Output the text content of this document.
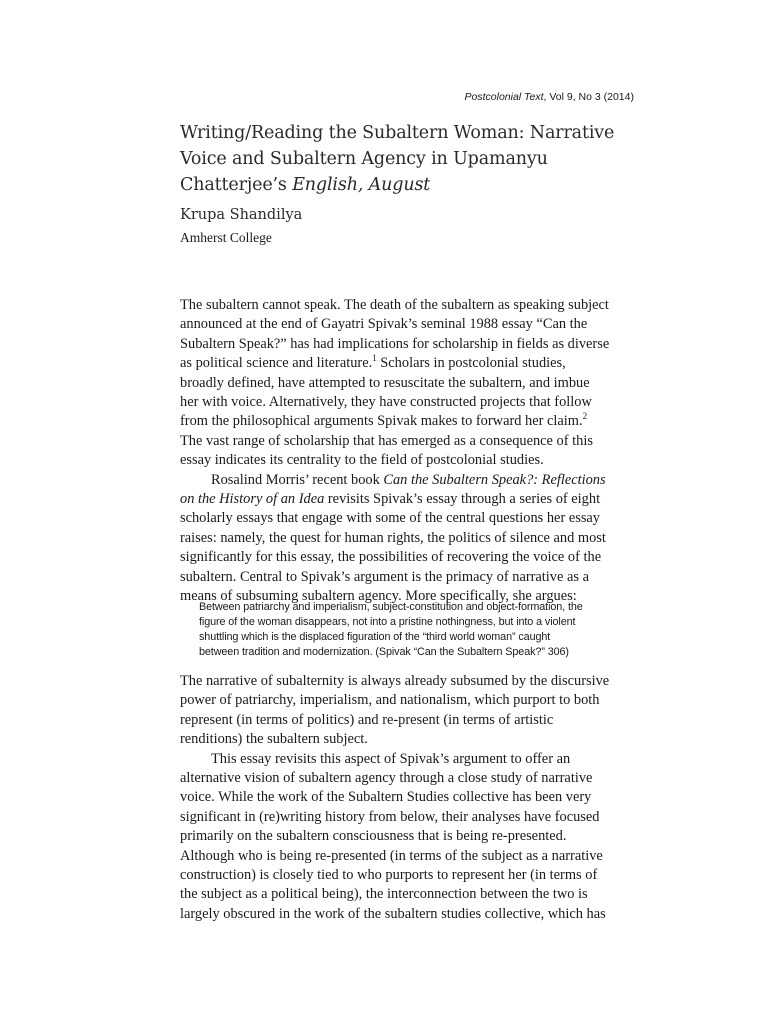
Postcolonial Text, Vol 9, No 3 (2014)
Writing/Reading the Subaltern Woman: Narrative Voice and Subaltern Agency in Upamanyu Chatterjee’s English, August
Krupa Shandilya
Amherst College

The subaltern cannot speak. The death of the subaltern as speaking subject
announced at the end of Gayatri Spivak’s seminal 1988 essay “Can the
Subaltern Speak?” has had implications for scholarship in fields as diverse
as political science and literature.$^1$ Scholars in postcolonial studies,
broadly defined, have attempted to resuscitate the subaltern, and imbue
her with voice. Alternatively, they have constructed projects that follow
from the philosophical arguments Spivak makes to forward her claim.$^2$
The vast range of scholarship that has emerged as a consequence of this
essay indicates its centrality to the field of postcolonial studies.

Rosalind Morris’ recent book Can the Subaltern Speak?: Reflections
on the History of an Idea revisits Spivak’s essay through a series of eight
scholarly essays that engage with some of the central questions her essay
raises: namely, the quest for human rights, the politics of silence and most
significantly for this essay, the possibilities of recovering the voice of the
subaltern. Central to Spivak’s argument is the primacy of narrative as a
means of subsuming subaltern agency. More specifically, she argues:

Between patriarchy and imperialism, subject-constitution and object-formation, the
figure of the woman disappears, not into a pristine nothingness, but into a violent
shuttling which is the displaced figuration of the “third world woman” caught
between tradition and modernization. (Spivak “Can the Subaltern Speak?” 306)

The narrative of subalternity is always already subsumed by the discursive
power of patriarchy, imperialism, and nationalism, which purport to both
represent (in terms of politics) and re-present (in terms of artistic
renditions) the subaltern subject.

This essay revisits this aspect of Spivak’s argument to offer an
alternative vision of subaltern agency through a close study of narrative
voice. While the work of the Subaltern Studies collective has been very
significant in (re)writing history from below, their analyses have focused
primarily on the subaltern consciousness that is being re-presented.
Although who is being re-presented (in terms of the subject as a narrative
construction) is closely tied to who purports to represent her (in terms of
the subject as a political being), the interconnection between the two is
largely obscured in the work of the subaltern studies collective, which has
